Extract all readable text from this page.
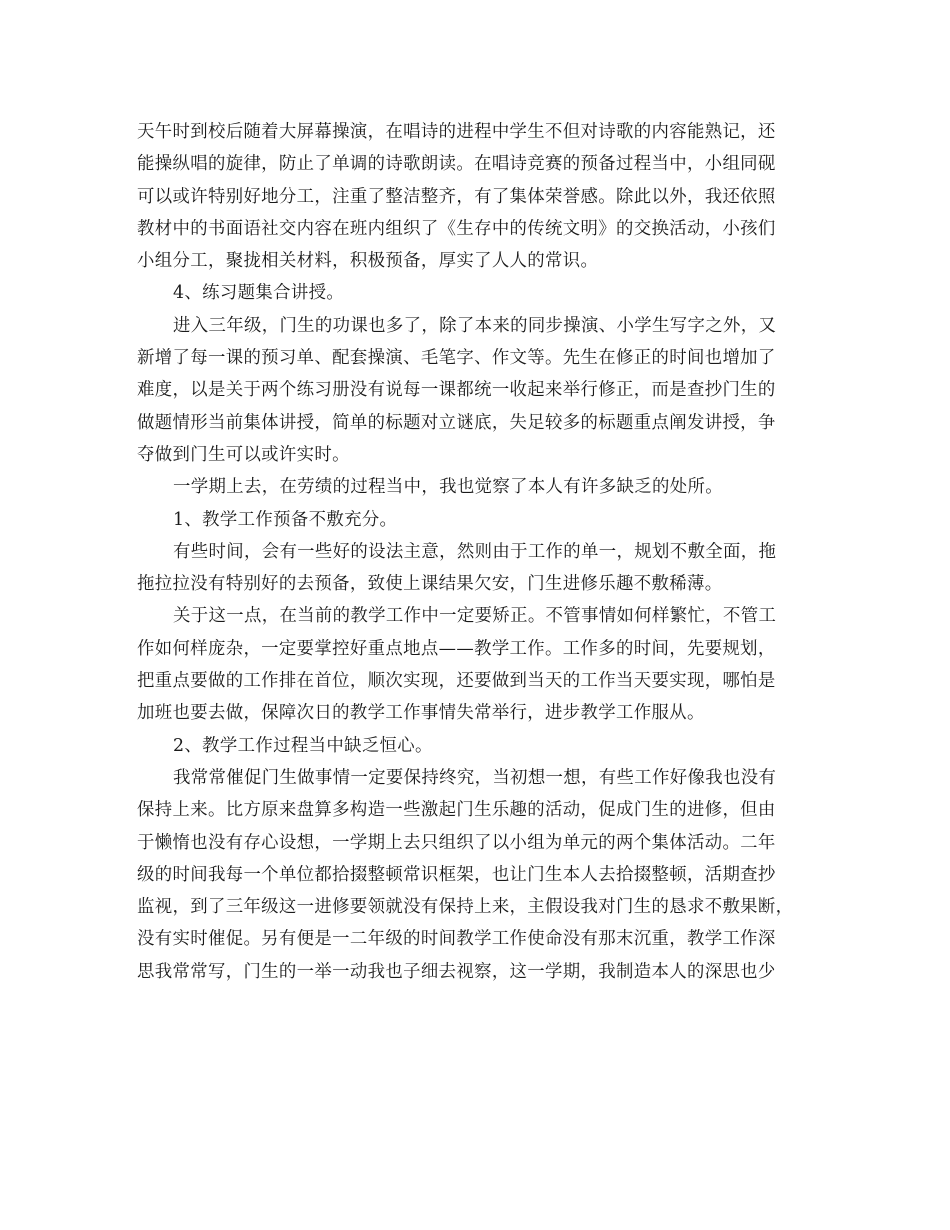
天午时到校后随着大屏幕操演，在唱诗的进程中学生不但对诗歌的内容能熟记，还
能操纵唱的旋律，防止了单调的诗歌朗读。在唱诗竞赛的预备过程当中，小组同砚
可以或许特别好地分工，注重了整洁整齐，有了集体荣誉感。除此以外，我还依照
教材中的书面语社交内容在班内组织了《生存中的传统文明》的交换活动，小孩们
小组分工，聚拢相关材料，积极预备，厚实了人人的常识。
4、练习题集合讲授。
进入三年级，门生的功课也多了，除了本来的同步操演、小学生写字之外，又
新增了每一课的预习单、配套操演、毛笔字、作文等。先生在修正的时间也增加了
难度，以是关于两个练习册没有说每一课都统一收起来举行修正，而是查抄门生的
做题情形当前集体讲授，简单的标题对立谜底，失足较多的标题重点阐发讲授，争
夺做到门生可以或许实时。
一学期上去，在劳绩的过程当中，我也觉察了本人有许多缺乏的处所。
1、教学工作预备不敷充分。
有些时间，会有一些好的设法主意，然则由于工作的单一，规划不敷全面，拖
拖拉拉没有特别好的去预备，致使上课结果欠安，门生进修乐趣不敷稀薄。
关于这一点，在当前的教学工作中一定要矫正。不管事情如何样繁忙，不管工
作如何样庞杂，一定要掌控好重点地点——教学工作。工作多的时间，先要规划，
把重点要做的工作排在首位，顺次实现，还要做到当天的工作当天要实现，哪怕是
加班也要去做，保障次日的教学工作事情失常举行，进步教学工作服从。
2、教学工作过程当中缺乏恒心。
我常常催促门生做事情一定要保持终究，当初想一想，有些工作好像我也没有
保持上来。比方原来盘算多构造一些激起门生乐趣的活动，促成门生的进修，但由
于懒惰也没有存心设想，一学期上去只组织了以小组为单元的两个集体活动。二年
级的时间我每一个单位都拾掇整顿常识框架，也让门生本人去拾掇整顿，活期查抄
监视，到了三年级这一进修要领就没有保持上来，主假设我对门生的恳求不敷果断，
没有实时催促。另有便是一二年级的时间教学工作使命没有那末沉重，教学工作深
思我常常写，门生的一举一动我也子细去视察，这一学期，我制造本人的深思也少
